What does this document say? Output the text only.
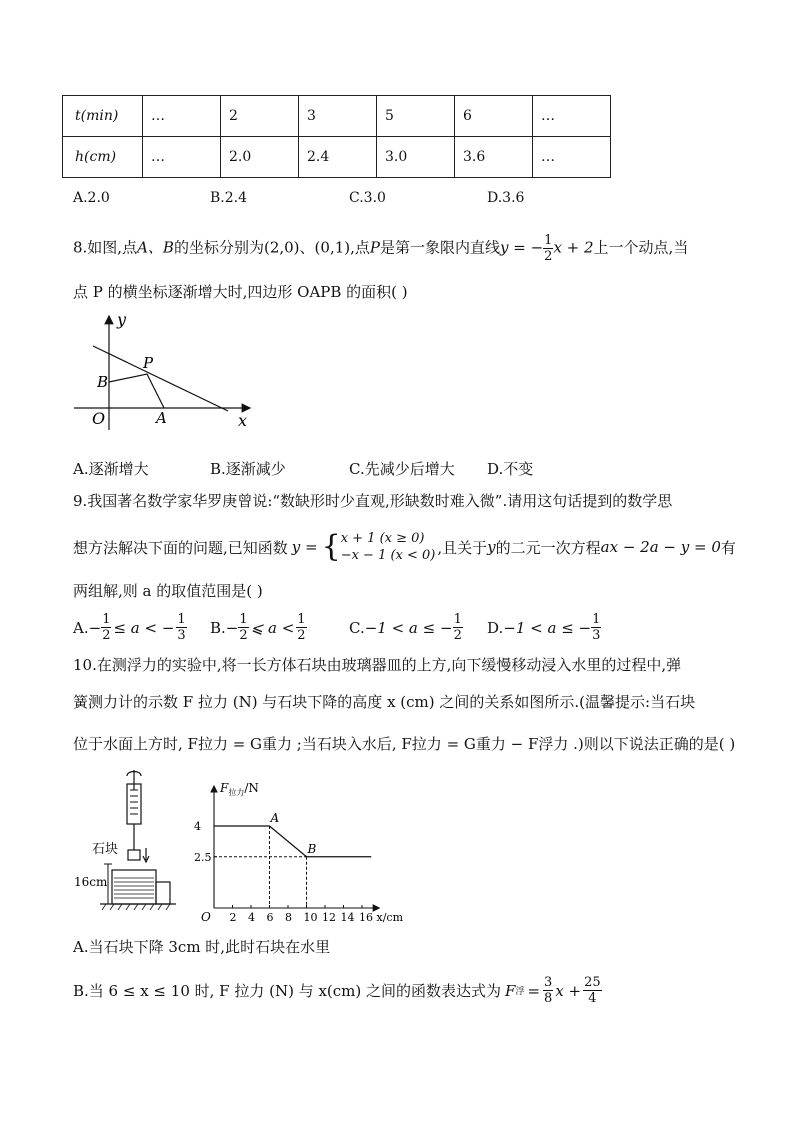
t(min)	…	2	3	5	6	…
h(cm)	…	2.0	2.4	3.0	3.6	…
A.2.0	B.2.4	C.3.0	D.3.6
8.如图,点A、B的坐标分别为(2,0)、(0,1),点P是第一象限内直线y = − $\frac{1}{2}$ x + 2上一个动点,当
点 P 的横坐标逐渐增大时,四边形 OAPB 的面积( )
y
x
O	A
B
P
A.逐渐增大	B.逐渐减少	C.先减少后增大 D.不变
9.我国著名数学家华罗庚曾说:“数缺形时少直观,形缺数时难入微”.请用这句话提到的数学思
想方法解决下面的问题,已知函数 y = { x + 1 (x ≥ 0)
−x − 1 (x < 0) ,且关于 y 的二元一次方程 ax − 2a − y = 0 有
两组解,则 a 的取值范围是( )
A. − $\frac{1}{2} \le a$ < − $\frac{1}{3} B$. − $\frac{1}{2}$ ⩽ $a < \frac{1}{2}$	C. −1 < a ≤ − $\frac{1}{2} D$. −1 < a ≤ − $\frac{1}{3}$
10.在测浮力的实验中,将一长方体石块由玻璃器皿的上方,向下缓慢移动浸入水里的过程中,弹
簧测力计的示数 F 拉力 (N) 与石块下降的高度 x (cm) 之间的关系如图所示.(温馨提示:当石块
位于水面上方时, F拉力 = G重力 ;当石块入水后, F拉力 = G重力 − F浮力 .)则以下说法正确的是( )
石块
16cm
2 4 6 8 10 12 14 16 x/cm
O
2.5
4
$F_{拉力}/N$
A
B
A.当石块下降 3cm 时,此时石块在水里
B.当 6 ≤ x ≤ 10 时, F 拉力 (N) 与 x(cm) 之间的函数表达式为 F 浮 = $\frac{3}{8}$ $x + \frac{25}{4}$
